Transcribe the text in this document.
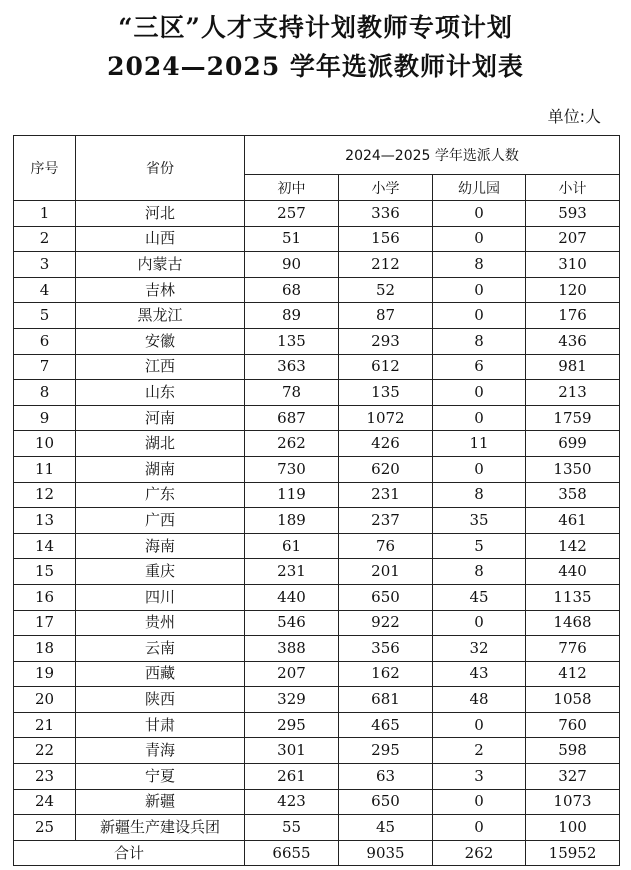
“三区”人才支持计划教师专项计划
2024—2025 学年选派教师计划表
单位:人
序号	省份	2024—2025 学年选派人数			
		初中	小学	幼儿园	小计
1	河北	257	336	0	593
2	山西	51	156	0	207
3	内蒙古	90	212	8	310
4	吉林	68	52	0	120
5	黑龙江	89	87	0	176
6	安徽	135	293	8	436
7	江西	363	612	6	981
8	山东	78	135	0	213
9	河南	687	1072	0	1759
10	湖北	262	426	11	699
11	湖南	730	620	0	1350
12	广东	119	231	8	358
13	广西	189	237	35	461
14	海南	61	76	5	142
15	重庆	231	201	8	440
16	四川	440	650	45	1135
17	贵州	546	922	0	1468
18	云南	388	356	32	776
19	西藏	207	162	43	412
20	陕西	329	681	48	1058
21	甘肃	295	465	0	760
22	青海	301	295	2	598
23	宁夏	261	63	3	327
24	新疆	423	650	0	1073
25	新疆生产建设兵团	55	45	0	100
合计		6655	9035	262	15952
